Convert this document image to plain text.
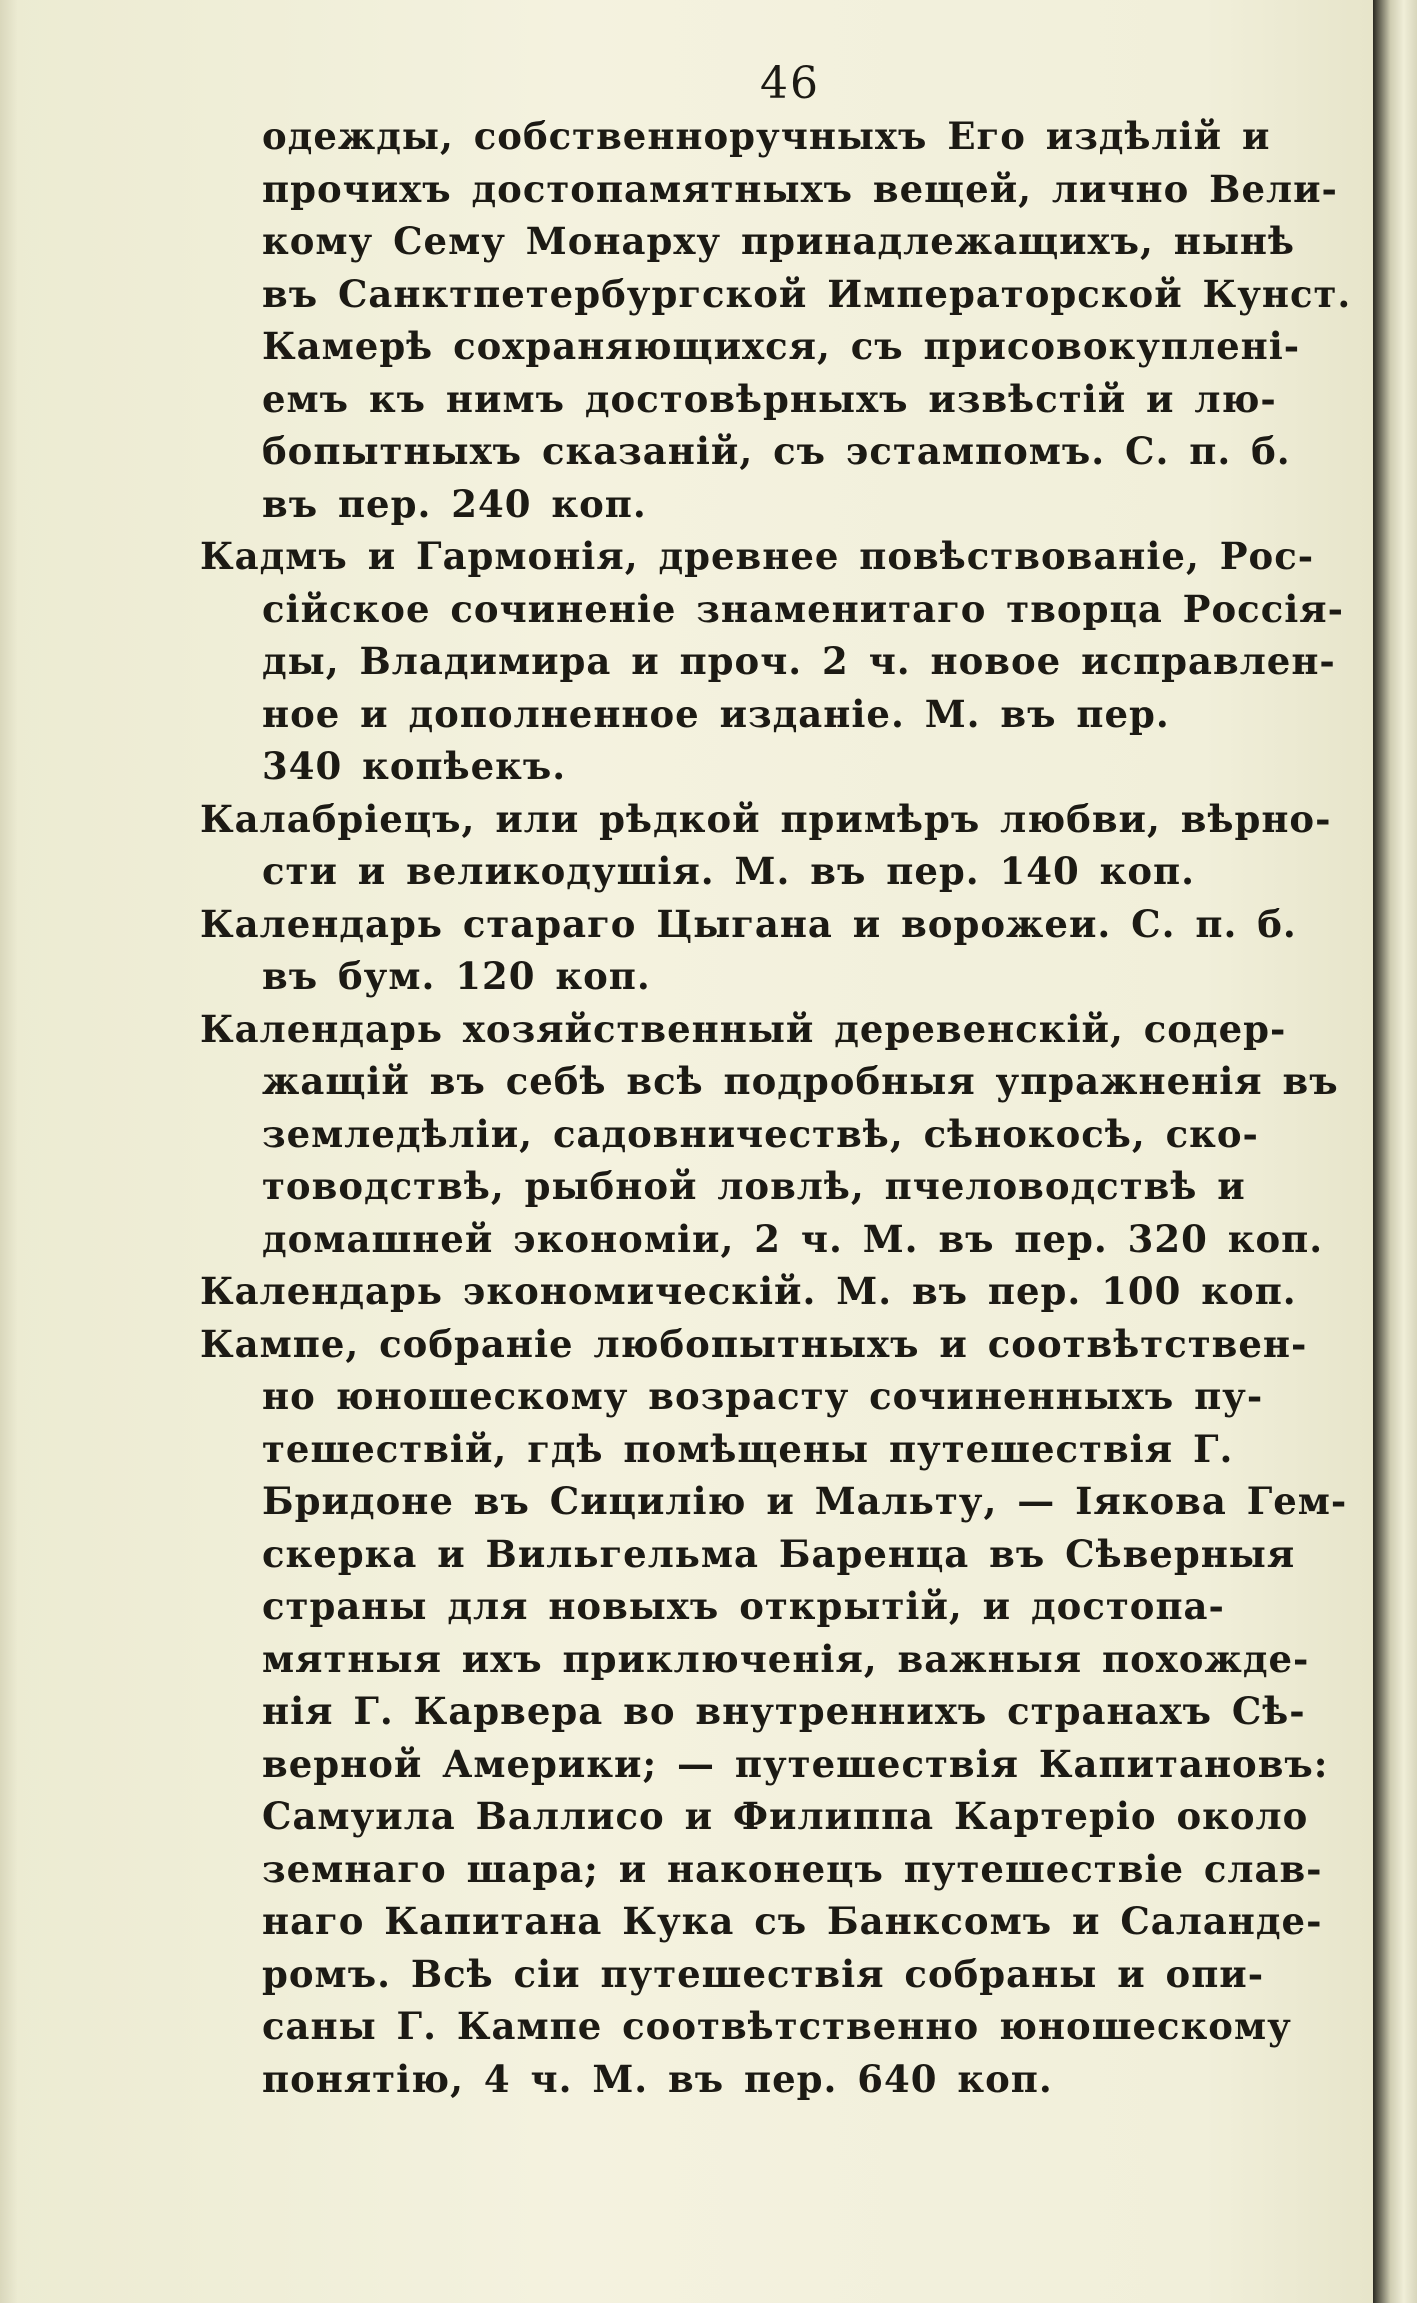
46
одежды, собственноручныхъ Его издѣлій и
прочихъ достопамятныхъ вещей, лично Вели-
кому Сему Монарху принадлежащихъ, нынѣ
въ Санктпетербургской Императорской Кунст.
Камерѣ сохраняющихся, съ присовокупленi-
емъ къ нимъ достовѣрныхъ извѣстій и лю-
бопытныхъ сказаній, съ эстампомъ. С. п. б.
въ пер. 240 коп.
Кадмъ и Гармонiя, древнее повѣствованiе, Рос-
сiйское сочиненiе знаменитаго творца Россiя-
ды, Владимира и проч. 2 ч. новое исправлен-
ное и дополненное изданiе. М. въ пер.
340 копѣекъ.
Калабрiецъ, или рѣдкой примѣръ любви, вѣрно-
сти и великодушiя. М. въ пер. 140 коп.
Календарь стараго Цыгана и ворожеи. С. п. б.
въ бум. 120 коп.
Календарь хозяйственный деревенскiй, содер-
жащiй въ себѣ всѣ подробныя упражненiя въ
земледѣлiи, садовничествѣ, сѣнокосѣ, ско-
товодствѣ, рыбной ловлѣ, пчеловодствѣ и
домашней экономiи, 2 ч. М. въ пер. 320 коп.
Календарь экономическiй. М. въ пер. 100 коп.
Кампе, собранiе любопытныхъ и соотвѣтствен-
но юношескому возрасту сочиненныхъ пу-
тешествiй, гдѣ помѣщены путешествiя Г.
Бридоне въ Сицилiю и Мальту, — Iякова Гем-
скерка и Вильгельма Баренца въ Сѣверныя
страны для новыхъ открытiй, и достопа-
мятныя ихъ приключенiя, важныя похожде-
нiя Г. Карвера во внутреннихъ странахъ Сѣ-
верной Америки; — путешествiя Капитановъ:
Самуила Валлисо и Филиппа Картерiо около
земнаго шара; и наконецъ путешествiе слав-
наго Капитана Кука съ Банксомъ и Саланде-
ромъ. Всѣ сiи путешествiя собраны и опи-
саны Г. Кампе соотвѣтственно юношескому
понятiю, 4 ч. М. въ пер. 640 коп.
